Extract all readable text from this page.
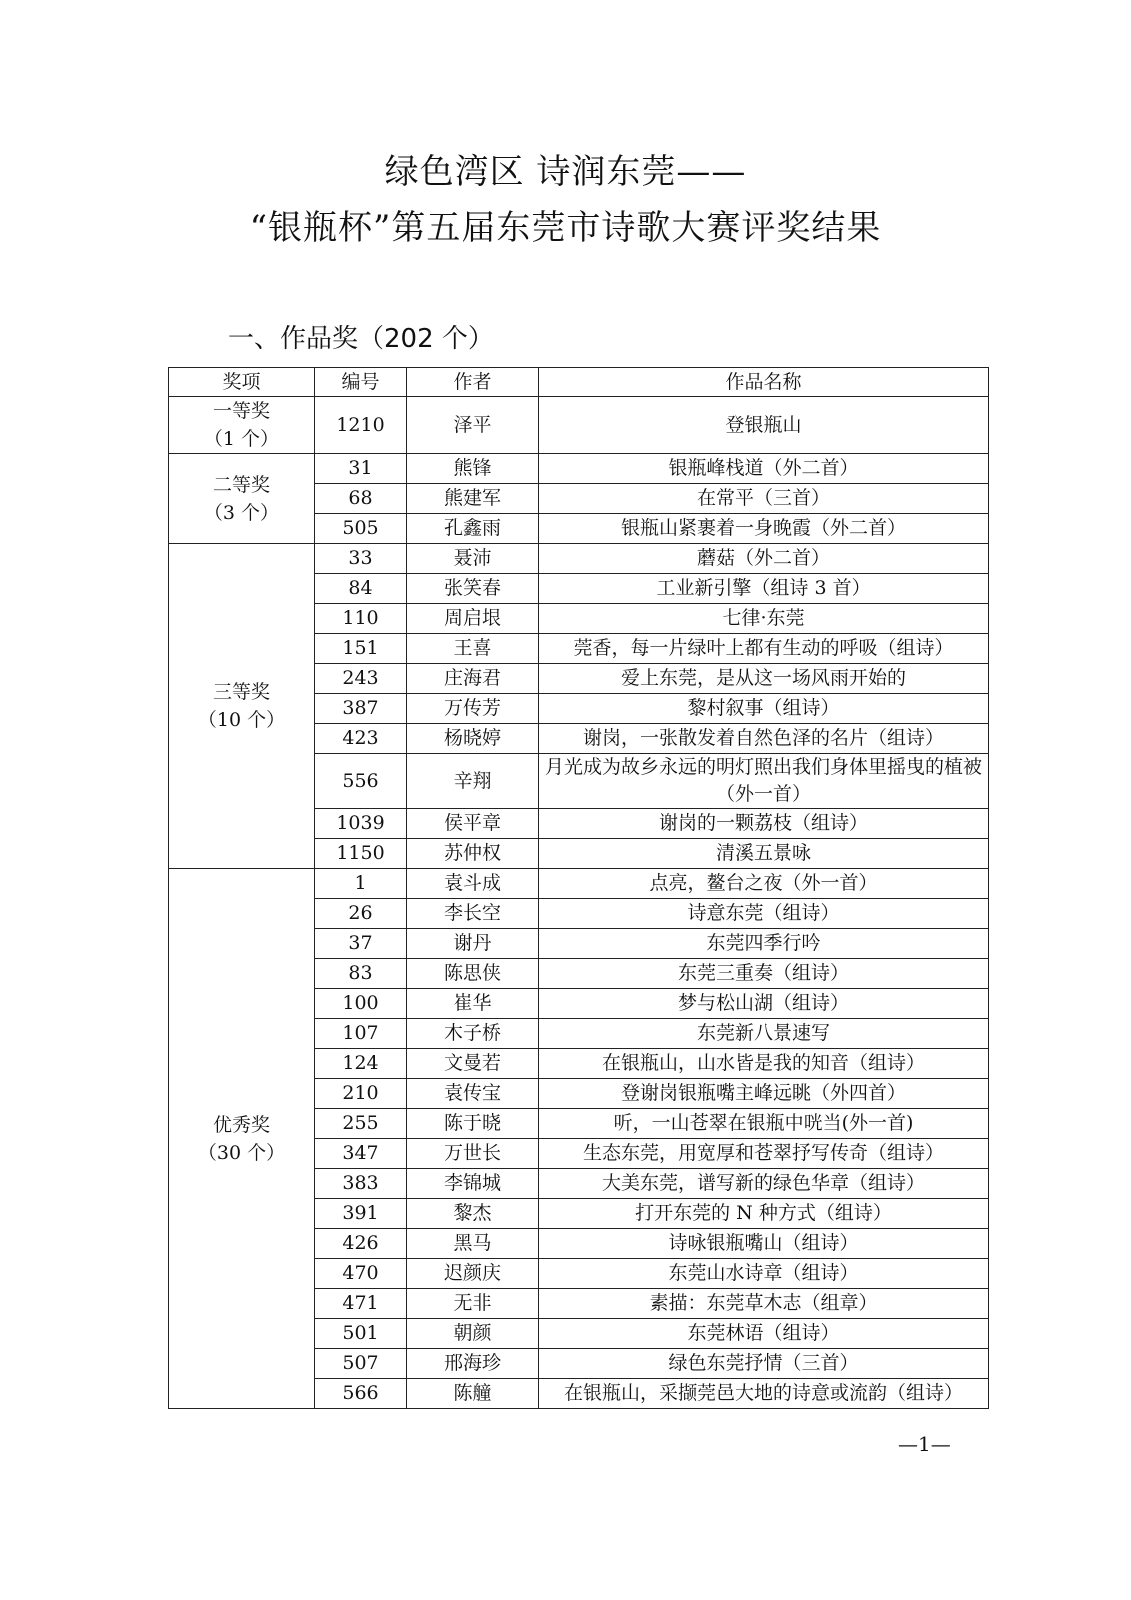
绿色湾区 诗润东莞——
“银瓶杯”第五届东莞市诗歌大赛评奖结果
一、作品奖（202 个）
奖项	编号	作者	作品名称

一等奖
（1 个）	1210	泽平	登银瓶山

二等奖
（3 个）	31	熊锋	银瓶峰栈道（外二首）
	68	熊建军	在常平（三首）
	505	孔鑫雨	银瓶山紧裹着一身晚霞（外二首）

三等奖
（10 个）	33	聂沛	蘑菇（外二首）
	84	张笑春	工业新引擎（组诗 3 首）
	110	周启垠	七律·东莞
	151	王喜	莞香，每一片绿叶上都有生动的呼吸（组诗）
	243	庄海君	爱上东莞，是从这一场风雨开始的
	387	万传芳	黎村叙事（组诗）
	423	杨晓婷	谢岗，一张散发着自然色泽的名片（组诗）
	556	辛翔	月光成为故乡永远的明灯照出我们身体里摇曳的植被（外一首）
	1039	侯平章	谢岗的一颗荔枝（组诗）
	1150	苏仲权	清溪五景咏

优秀奖
（30 个）	1	袁斗成	点亮，鳌台之夜（外一首）
	26	李长空	诗意东莞（组诗）
	37	谢丹	东莞四季行吟
	83	陈思侠	东莞三重奏（组诗）
	100	崔华	梦与松山湖（组诗）
	107	木子桥	东莞新八景速写
	124	文曼若	在银瓶山，山水皆是我的知音（组诗）
	210	袁传宝	登谢岗银瓶嘴主峰远眺（外四首）
	255	陈于晓	听，一山苍翠在银瓶中咣当(外一首)
	347	万世长	生态东莞，用宽厚和苍翠抒写传奇（组诗）
	383	李锦城	大美东莞，谱写新的绿色华章（组诗）
	391	黎杰	打开东莞的 N 种方式（组诗）
	426	黑马	诗咏银瓶嘴山（组诗）
	470	迟颜庆	东莞山水诗章（组诗）
	471	无非	素描：东莞草木志（组章）
	501	朝颜	东莞林语（组诗）
	507	邢海珍	绿色东莞抒情（三首）
	566	陈艟	在银瓶山，采撷莞邑大地的诗意或流韵（组诗）
—1—
